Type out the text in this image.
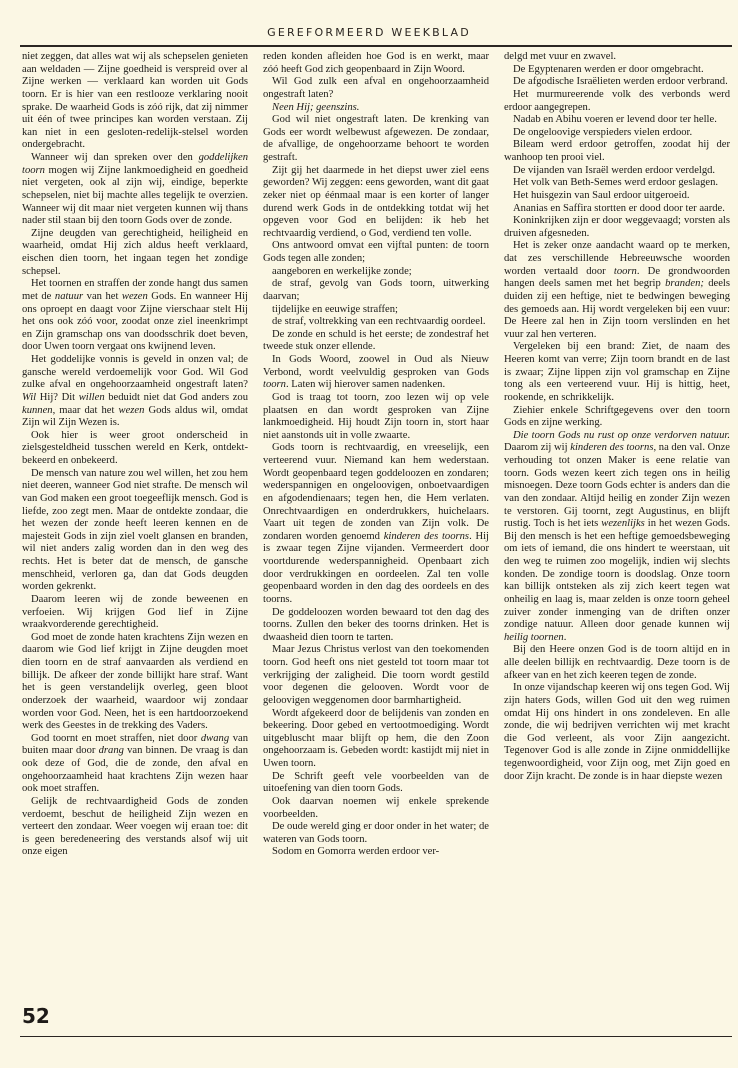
GEREFORMEERD WEEKBLAD

niet zeggen, dat alles wat wij als schepselen genieten aan weldaden — Zijne goedheid is verspreid over al Zijne werken — verklaard kan worden uit Gods toorn. Er is hier van een restlooze verklaring nooit sprake. De waarheid Gods is zóó rijk, dat zij nimmer uit één of twee principes kan worden verstaan. Zij kan niet in een gesloten-redelijk-stelsel worden ondergebracht.

Wanneer wij dan spreken over den goddelijken toorn mogen wij Zijne lankmoedigheid en goedheid niet vergeten, ook al zijn wij, eindige, beperkte schepselen, niet bij machte alles tegelijk te overzien. Wanneer wij dit maar niet vergeten kunnen wij thans nader stil staan bij den toorn Gods over de zonde.

Zijne deugden van gerechtigheid, heiligheid en waarheid, omdat Hij zich aldus heeft verklaard, eischen dien toorn, het ingaan tegen het zondige schepsel.

Het toornen en straffen der zonde hangt dus samen met de natuur van het wezen Gods. En wanneer Hij ons oproept en daagt voor Zijne vierschaar stelt Hij het ons ook zóó voor, zoodat onze ziel ineenkrimpt en Zijn gramschap ons van doodsschrik doet beven, door Uwen toorn vergaat ons kwijnend leven.

Het goddelijke vonnis is geveld in onzen val; de gansche wereld verdoemelijk voor God. Wil God zulke afval en ongehoorzaamheid ongestraft laten? Wil Hij? Dit willen beduidt niet dat God anders zou kunnen, maar dat het wezen Gods aldus wil, omdat Zijn wil Zijn Wezen is.

Ook hier is weer groot onderscheid in zielsgesteldheid tusschen wereld en Kerk, ontdekt-bekeerd en onbekeerd.

De mensch van nature zou wel willen, het zou hem niet deeren, wanneer God niet strafte. De mensch wil van God maken een groot toegeeflijk mensch. God is liefde, zoo zegt men. Maar de ontdekte zondaar, die het wezen der zonde heeft leeren kennen en de majesteit Gods in zijn ziel voelt glansen en branden, wil niet anders zalig worden dan in den weg des rechts. Het is beter dat de mensch, de gansche menschheid, verloren ga, dan dat Gods deugden worden gekrenkt.

Daarom leeren wij de zonde beweenen en verfoeien. Wij krijgen God lief in Zijne wraakvorderende gerechtigheid.

God moet de zonde haten krachtens Zijn wezen en daarom wie God lief krijgt in Zijne deugden moet dien toorn en de straf aanvaarden als verdiend en billijk. De afkeer der zonde billijkt hare straf. Want het is geen verstandelijk overleg, geen bloot onderzoek der waarheid, waardoor wij zondaar worden voor God. Neen, het is een hartdoorzoekend werk des Geestes in de trekking des Vaders.

God toornt en moet straffen, niet door dwang van buiten maar door drang van binnen. De vraag is dan ook deze of God, die de zonde, den afval en ongehoorzaamheid haat krachtens Zijn wezen haar ook moet straffen.

Gelijk de rechtvaardigheid Gods de zonden verdoemt, beschut de heiligheid Zijn wezen en verteert den zondaar. Weer voegen wij eraan toe: dit is geen beredeneering des verstands alsof wij uit onze eigen

reden konden afleiden hoe God is en werkt, maar zóó heeft God zich geopenbaard in Zijn Woord.

Wil God zulk een afval en ongehoorzaamheid ongestraft laten?

Neen Hij; geenszins.

God wil niet ongestraft laten. De krenking van Gods eer wordt welbewust afgewezen. De zondaar, de afvallige, de ongehoorzame behoort te worden gestraft.

Zijt gij het daarmede in het diepst uwer ziel eens geworden? Wij zeggen: eens geworden, want dit gaat zeker niet op éénmaal maar is een korter of langer durend werk Gods in de ontdekking totdat wij het opgeven voor God en belijden: ik heb het rechtvaardig verdiend, o God, verdiend ten volle.

Ons antwoord omvat een vijftal punten: de toorn Gods tegen alle zonden;

aangeboren en werkelijke zonde;

de straf, gevolg van Gods toorn, uitwerking daarvan;

tijdelijke en eeuwige straffen;

de straf, voltrekking van een rechtvaardig oordeel.

De zonde en schuld is het eerste; de zondestraf het tweede stuk onzer ellende.

In Gods Woord, zoowel in Oud als Nieuw Verbond, wordt veelvuldig gesproken van Gods toorn. Laten wij hierover samen nadenken.

God is traag tot toorn, zoo lezen wij op vele plaatsen en dan wordt gesproken van Zijne lankmoedigheid. Hij houdt Zijn toorn in, stort haar niet aanstonds uit in volle zwaarte.

Gods toorn is rechtvaardig, en vreeselijk, een verteerend vuur. Niemand kan hem wederstaan. Wordt geopenbaard tegen goddeloozen en zondaren; wederspannigen en ongeloovigen, onboetvaardigen en afgodendienaars; tegen hen, die Hem verlaten. Onrechtvaardigen en onderdrukkers, huichelaars. Vaart uit tegen de zonden van Zijn volk. De zondaren worden genoemd kinderen des toorns. Hij is zwaar tegen Zijne vijanden. Vermeerdert door voortdurende wederspannigheid. Openbaart zich door verdrukkingen en oordeelen. Zal ten volle geopenbaard worden in den dag des oordeels en des toorns.

De goddeloozen worden bewaard tot den dag des toorns. Zullen den beker des toorns drinken. Het is dwaasheid dien toorn te tarten.

Maar Jezus Christus verlost van den toekomenden toorn. God heeft ons niet gesteld tot toorn maar tot verkrijging der zaligheid. Die toorn wordt gestild voor degenen die gelooven. Wordt voor de geloovigen weggenomen door barmhartigheid.

Wordt afgekeerd door de belijdenis van zonden en bekeering. Door gebed en vertootmoediging. Wordt uitgebluscht maar blijft op hem, die den Zoon ongehoorzaam is. Gebeden wordt: kastijdt mij niet in Uwen toorn.

De Schrift geeft vele voorbeelden van de uitoefening van dien toorn Gods.

Ook daarvan noemen wij enkele sprekende voorbeelden.

De oude wereld ging er door onder in het water; de wateren van Gods toorn.

Sodom en Gomorra werden erdoor ver-

delgd met vuur en zwavel.

De Egyptenaren werden er door omgebracht.

De afgodische Israëlieten werden erdoor verbrand.

Het murmureerende volk des verbonds werd erdoor aangegrepen.

Nadab en Abihu voeren er levend door ter helle.

De ongeloovige verspieders vielen erdoor.

Bileam werd erdoor getroffen, zoodat hij der wanhoop ten prooi viel.

De vijanden van Israël werden erdoor verdelgd.

Het volk van Beth-Semes werd erdoor geslagen.

Het huisgezin van Saul erdoor uitgeroeid.

Ananias en Saffira stortten er dood door ter aarde.

Koninkrijken zijn er door weggevaagd; vorsten als druiven afgesneden.

Het is zeker onze aandacht waard op te merken, dat zes verschillende Hebreeuwsche woorden worden vertaald door toorn. De grondwoorden hangen deels samen met het begrip branden; deels duiden zij een heftige, niet te bedwingen beweging des gemoeds aan. Hij wordt vergeleken bij een vuur: De Heere zal hen in Zijn toorn verslinden en het vuur zal hen verteren.

Vergeleken bij een brand: Ziet, de naam des Heeren komt van verre; Zijn toorn brandt en de last is zwaar; Zijne lippen zijn vol gramschap en Zijne tong als een verteerend vuur. Hij is hittig, heet, rookende, en schrikkelijk.

Ziehier enkele Schriftgegevens over den toorn Gods en zijne werking.

Die toorn Gods nu rust op onze verdorven natuur. Daarom zij wij kinderen des toorns, na den val. Onze verhouding tot onzen Maker is eene relatie van toorn. Gods wezen keert zich tegen ons in heilig misnoegen. Deze toorn Gods echter is anders dan die van den zondaar. Altijd heilig en zonder Zijn wezen te verstoren. Gij toornt, zegt Augustinus, en blijft rustig. Toch is het iets wezenlijks in het wezen Gods. Bij den mensch is het een heftige gemoedsbeweging om iets of iemand, die ons hindert te weerstaan, uit den weg te ruimen zoo mogelijk, indien wij slechts konden. De zondige toorn is doodslag. Onze toorn kan billijk ontsteken als zij zich keert tegen wat onheilig en laag is, maar zelden is onze toorn geheel zuiver zonder inmenging van de driften onzer zondige natuur. Alleen door genade kunnen wij heilig toornen.

Bij den Heere onzen God is de toorn altijd en in alle deelen billijk en rechtvaardig. Deze toorn is de afkeer van en het zich keeren tegen de zonde.

In onze vijandschap keeren wij ons tegen God. Wij zijn haters Gods, willen God uit den weg ruimen omdat Hij ons hindert in ons zondeleven. En alle zonde, die wij bedrijven verrichten wij met kracht die God verleent, als voor Zijn aangezicht. Tegenover God is alle zonde in Zijne onmiddellijke tegenwoordigheid, voor Zijn oog, met Zijn goed en door Zijn kracht. De zonde is in haar diepste wezen

52
